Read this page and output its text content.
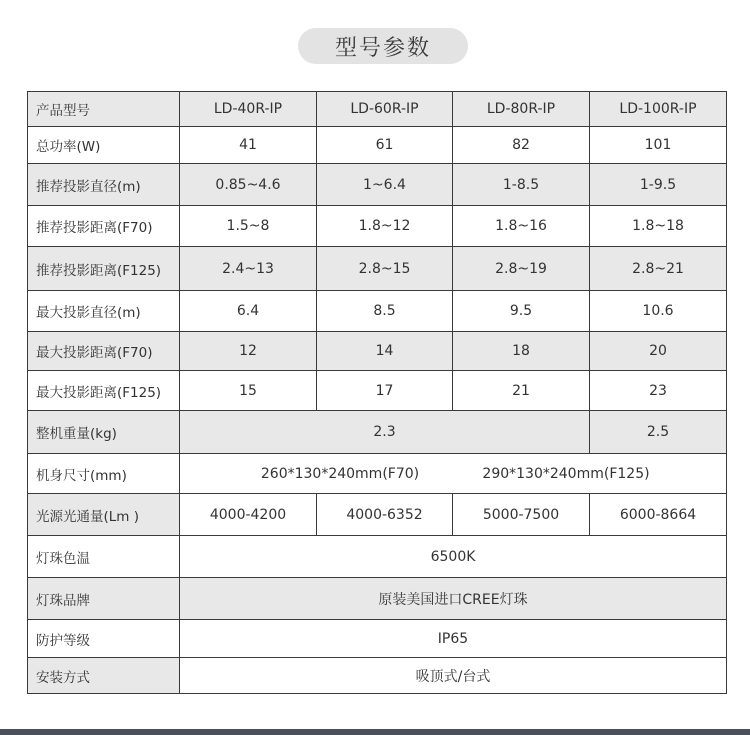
型号参数
产品型号	LD-40R-IP	LD-60R-IP	LD-80R-IP	LD-100R-IP
总功率(W)	41	61	82	101
推荐投影直径(m)	0.85~4.6	1~6.4	1-8.5	1-9.5
推荐投影距离(F70)	1.5~8	1.8~12	1.8~16	1.8~18
推荐投影距离(F125)	2.4~13	2.8~15	2.8~19	2.8~21
最大投影直径(m)	6.4	8.5	9.5	10.6
最大投影距离(F70)	12	14	18	20
最大投影距离(F125)	15	17	21	23
整机重量(kg)	2.3			2.5
机身尺寸(mm)	260*130*240mm(F70) 290*130*240mm(F125)			
光源光通量(Lm )	4000-4200	4000-6352	5000-7500	6000-8664
灯珠色温	6500K			
灯珠品牌	原装美国进口CREE灯珠			
防护等级	IP65			
安装方式	吸顶式/台式			
